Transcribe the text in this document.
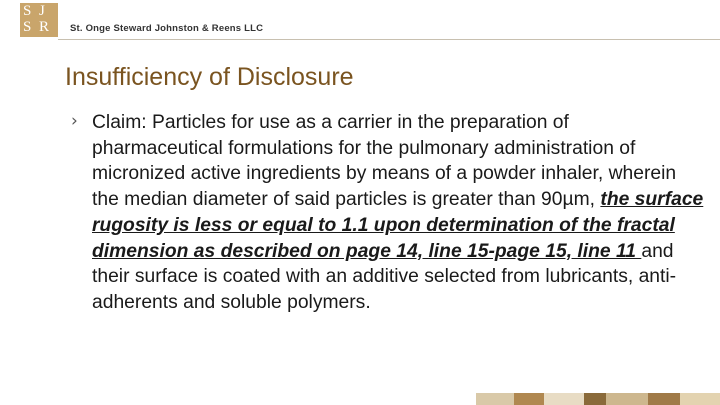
S J
S R St. Onge Steward Johnston & Reens LLC
Insufficiency of Disclosure
› Claim: Particles for use as a carrier in the preparation of pharmaceutical formulations for the pulmonary administration of micronized active ingredients by means of a powder inhaler, wherein the median diameter of said particles is greater than 90µm, the surface rugosity is less or equal to 1.1 upon determination of the fractal dimension as described on page 14, line 15-page 15, line 11 and their surface is coated with an additive selected from lubricants, anti-adherents and soluble polymers.
